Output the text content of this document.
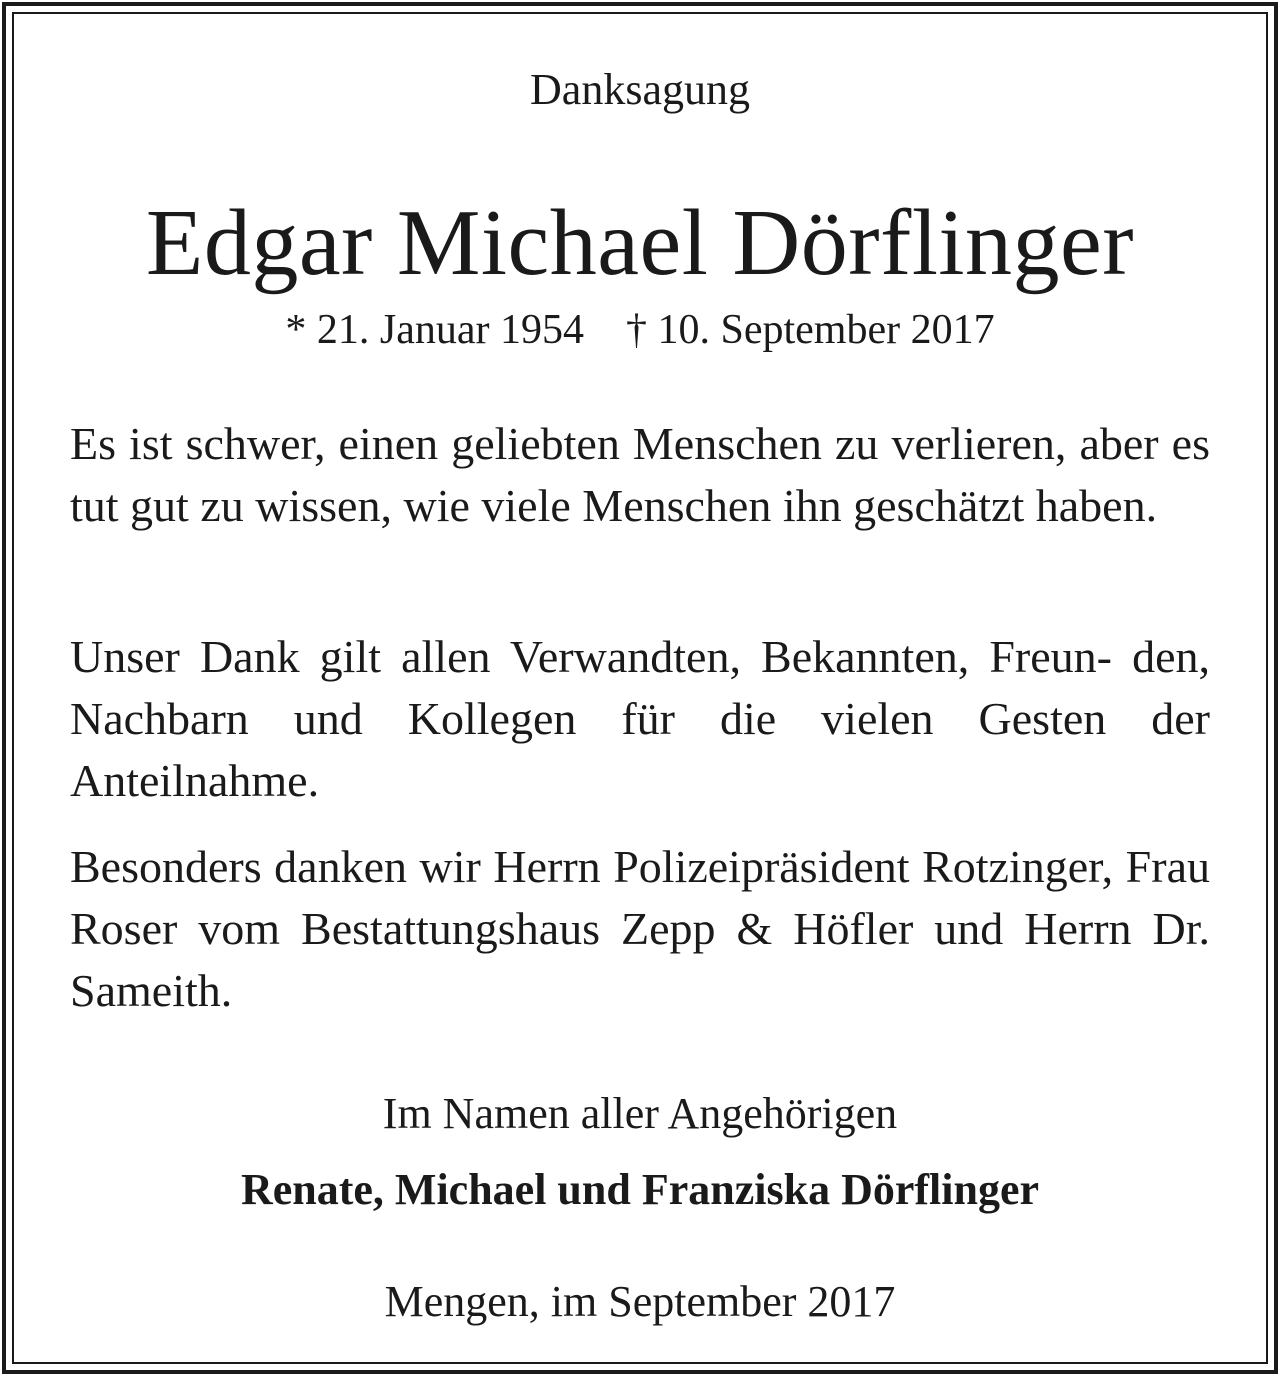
Danksagung

Edgar Michael Dörflinger

* 21. Januar 1954 † 10. September 2017

Es ist schwer, einen geliebten Menschen zu verlieren, aber es tut gut zu wissen, wie viele Menschen ihn geschätzt haben.

Unser Dank gilt allen Verwandten, Bekannten, Freun- den, Nachbarn und Kollegen für die vielen Gesten der Anteilnahme.

Besonders danken wir Herrn Polizeipräsident Rotzinger, Frau Roser vom Bestattungshaus Zepp & Höfler und Herrn Dr. Sameith.

Im Namen aller Angehörigen

Renate, Michael und Franziska Dörflinger

Mengen, im September 2017
